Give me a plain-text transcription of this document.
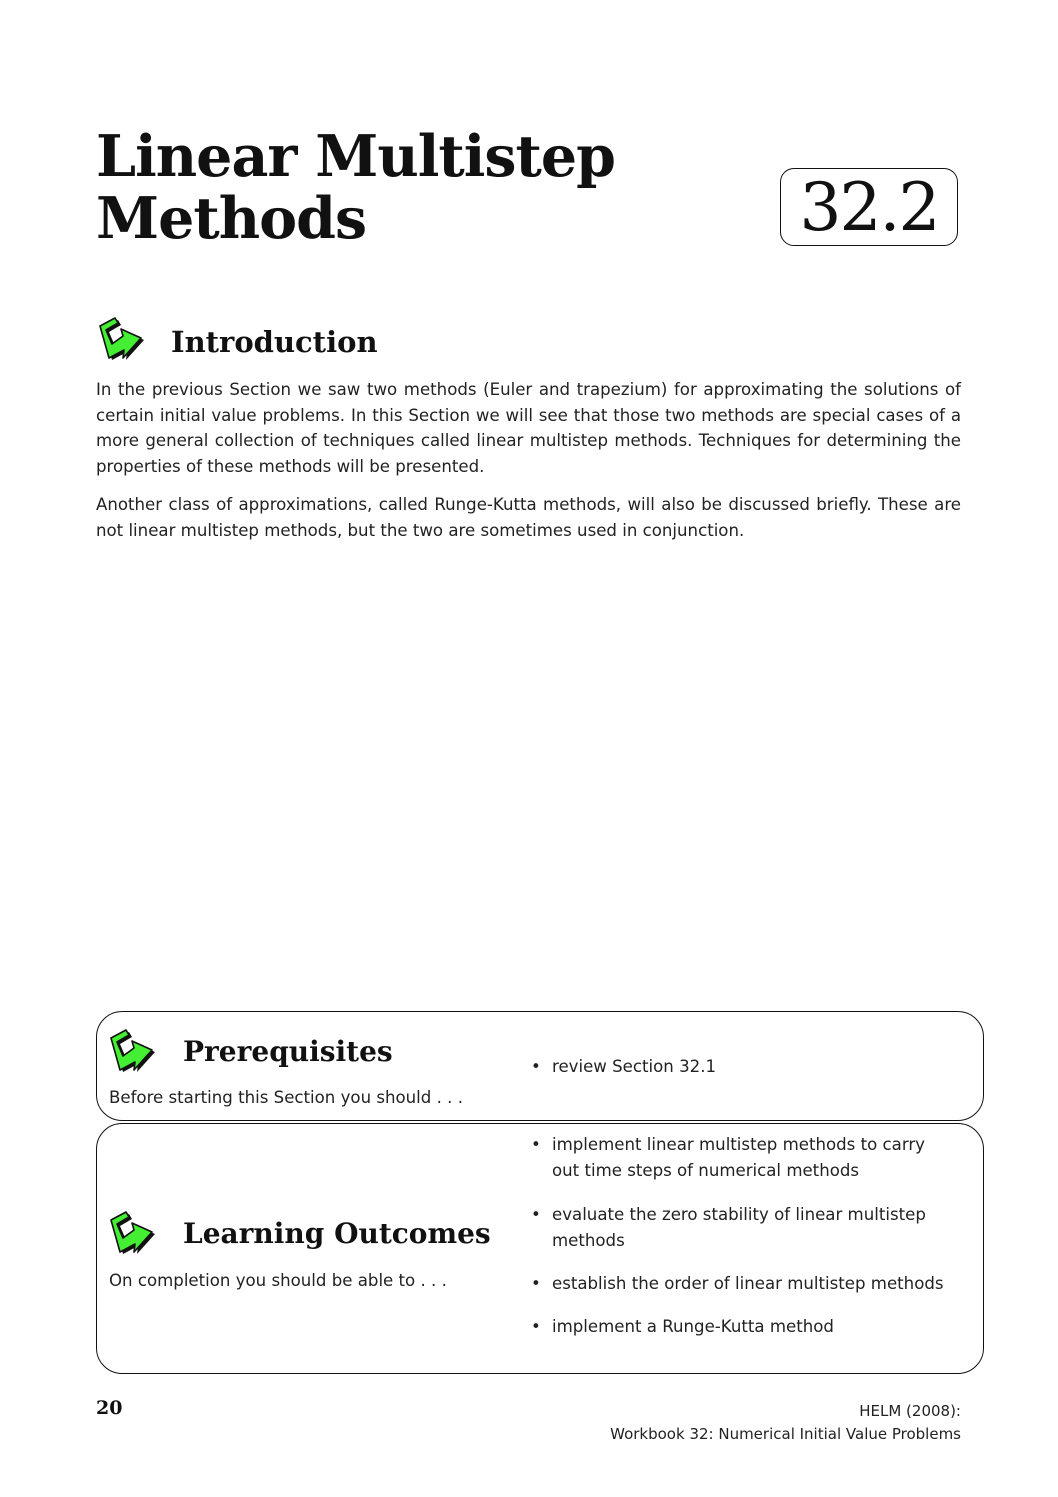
Linear Multistep
Methods	32.2
Introduction

In the previous Section we saw two methods (Euler and trapezium) for approximating the solutions of certain initial value problems. In this Section we will see that those two methods are special cases of a more general collection of techniques called linear multistep methods. Techniques for determining the properties of these methods will be presented.

Another class of approximations, called Runge-Kutta methods, will also be discussed briefly. These are not linear multistep methods, but the two are sometimes used in conjunction.

Prerequisites

Before starting this Section you should . . .

• review Section 32.1
Learning Outcomes

On completion you should be able to . . .

• implement linear multistep methods to carry out time steps of numerical methods
• evaluate the zero stability of linear multistep methods
• establish the order of linear multistep methods
• implement a Runge-Kutta method

20	HELM (2008):
Workbook 32: Numerical Initial Value Problems
